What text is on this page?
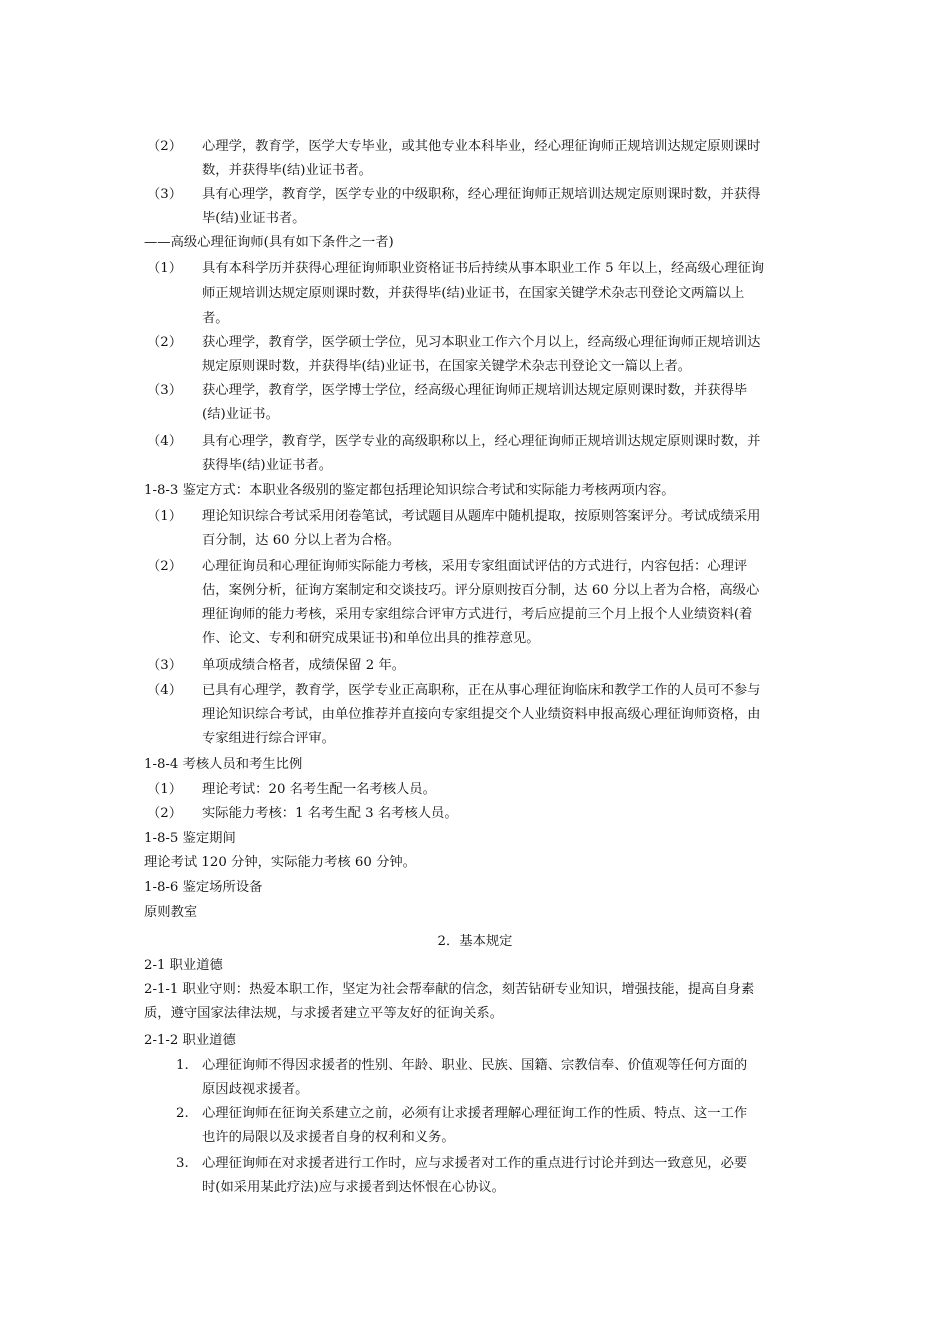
（2） 心理学，教育学，医学大专毕业，或其他专业本科毕业，经心理征询师正规培训达规定原则课时
数，并获得毕(结)业证书者。
（3） 具有心理学，教育学，医学专业的中级职称，经心理征询师正规培训达规定原则课时数，并获得
毕(结)业证书者。
——高级心理征询师(具有如下条件之一者)
（1） 具有本科学历并获得心理征询师职业资格证书后持续从事本职业工作 5 年以上，经高级心理征询
师正规培训达规定原则课时数，并获得毕(结)业证书，在国家关键学术杂志刊登论文两篇以上
者。
（2） 获心理学，教育学，医学硕士学位，见习本职业工作六个月以上，经高级心理征询师正规培训达
规定原则课时数，并获得毕(结)业证书，在国家关键学术杂志刊登论文一篇以上者。
（3） 获心理学，教育学，医学博士学位，经高级心理征询师正规培训达规定原则课时数，并获得毕
(结)业证书。
（4） 具有心理学，教育学，医学专业的高级职称以上，经心理征询师正规培训达规定原则课时数，并
获得毕(结)业证书者。
1-8-3 鉴定方式：本职业各级别的鉴定都包括理论知识综合考试和实际能力考核两项内容。
（1） 理论知识综合考试采用闭卷笔试，考试题目从题库中随机提取，按原则答案评分。考试成绩采用
百分制，达 60 分以上者为合格。
（2） 心理征询员和心理征询师实际能力考核，采用专家组面试评估的方式进行，内容包括：心理评
估，案例分析，征询方案制定和交谈技巧。评分原则按百分制，达 60 分以上者为合格，高级心
理征询师的能力考核，采用专家组综合评审方式进行，考后应提前三个月上报个人业绩资料(着
作、论文、专利和研究成果证书)和单位出具的推荐意见。
（3） 单项成绩合格者，成绩保留 2 年。
（4） 已具有心理学，教育学，医学专业正高职称，正在从事心理征询临床和教学工作的人员可不参与
理论知识综合考试，由单位推荐并直接向专家组提交个人业绩资料申报高级心理征询师资格，由
专家组进行综合评审。
1-8-4 考核人员和考生比例
（1） 理论考试：20 名考生配一名考核人员。
（2） 实际能力考核：1 名考生配 3 名考核人员。
1-8-5 鉴定期间
理论考试 120 分钟，实际能力考核 60 分钟。
1-8-6 鉴定场所设备
原则教室
2．基本规定
2-1 职业道德
2-1-1 职业守则：热爱本职工作，坚定为社会帮奉献的信念，刻苦钻研专业知识，增强技能，提高自身素
质，遵守国家法律法规，与求援者建立平等友好的征询关系。
2-1-2 职业道德
1. 心理征询师不得因求援者的性别、年龄、职业、民族、国籍、宗教信奉、价值观等任何方面的
原因歧视求援者。
2. 心理征询师在征询关系建立之前，必须有让求援者理解心理征询工作的性质、特点、这一工作
也许的局限以及求援者自身的权利和义务。
3. 心理征询师在对求援者进行工作时，应与求援者对工作的重点进行讨论并到达一致意见，必要
时(如采用某此疗法)应与求援者到达怀恨在心协议。
